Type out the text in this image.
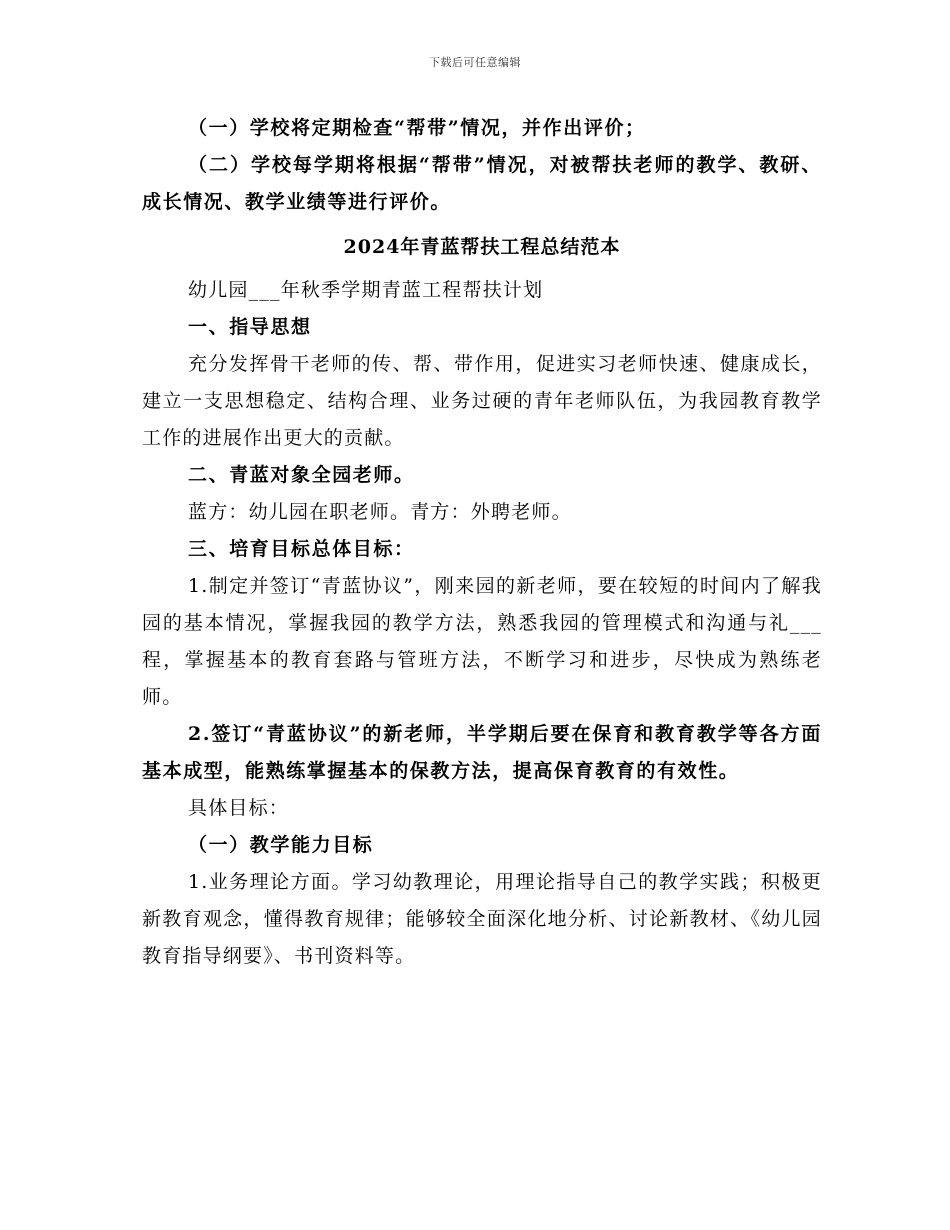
下载后可任意编辑

（一）学校将定期检查“帮带”情况，并作出评价；

（二）学校每学期将根据“帮带”情况，对被帮扶老师的教学、教研、成长情况、教学业绩等进行评价。

2024年青蓝帮扶工程总结范本

幼儿园___年秋季学期青蓝工程帮扶计划

一、指导思想

充分发挥骨干老师的传、帮、带作用，促进实习老师快速、健康成长，建立一支思想稳定、结构合理、业务过硬的青年老师队伍，为我园教育教学工作的进展作出更大的贡献。

二、青蓝对象全园老师。

蓝方：幼儿园在职老师。青方：外聘老师。

三、培育目标总体目标：

1.制定并签订“青蓝协议”，刚来园的新老师，要在较短的时间内了解我园的基本情况，掌握我园的教学方法，熟悉我园的管理模式和沟通与礼___程，掌握基本的教育套路与管班方法，不断学习和进步，尽快成为熟练老师。

2.签订“青蓝协议”的新老师，半学期后要在保育和教育教学等各方面基本成型，能熟练掌握基本的保教方法，提高保育教育的有效性。

具体目标：

（一）教学能力目标

1.业务理论方面。学习幼教理论，用理论指导自己的教学实践；积极更新教育观念，懂得教育规律；能够较全面深化地分析、讨论新教材、《幼儿园教育指导纲要》、书刊资料等。
